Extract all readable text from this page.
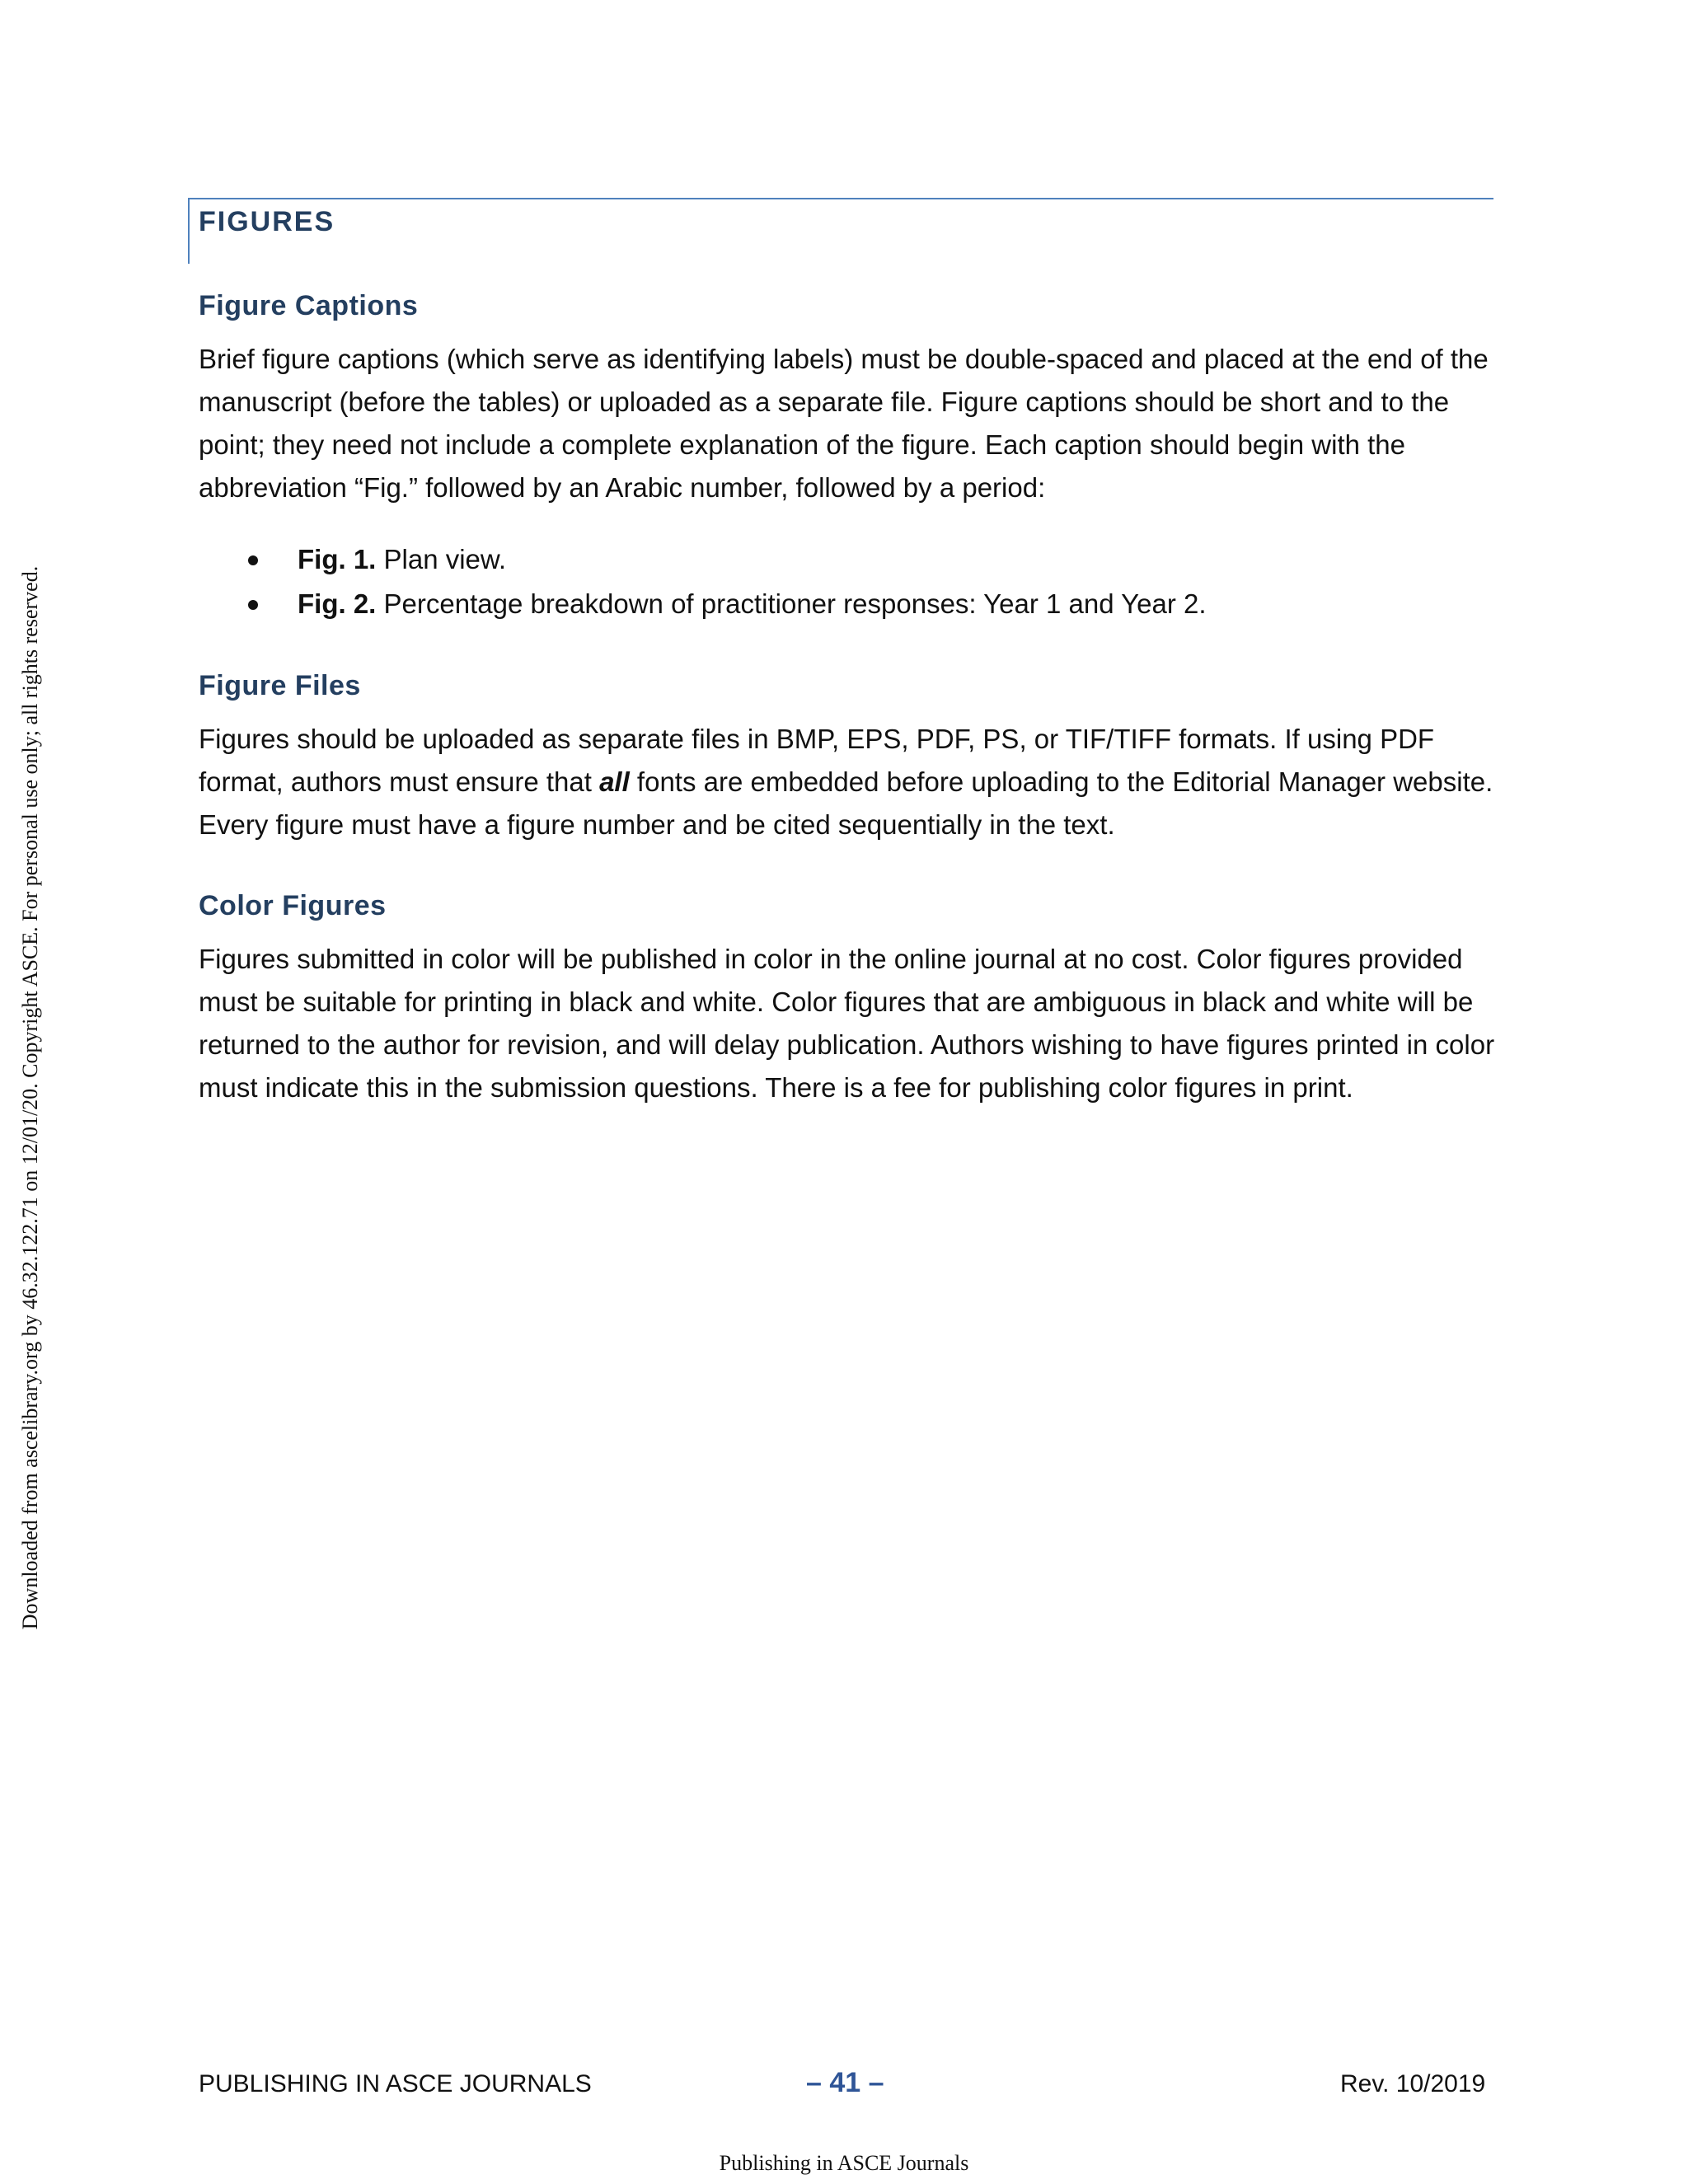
FIGURES
Figure Captions
Brief figure captions (which serve as identifying labels) must be double-spaced and placed at the end of the manuscript (before the tables) or uploaded as a separate file. Figure captions should be short and to the point; they need not include a complete explanation of the figure. Each caption should begin with the abbreviation “Fig.” followed by an Arabic number, followed by a period:
Fig. 1. Plan view.
Fig. 2. Percentage breakdown of practitioner responses: Year 1 and Year 2.
Figure Files
Figures should be uploaded as separate files in BMP, EPS, PDF, PS, or TIF/TIFF formats. If using PDF format, authors must ensure that all fonts are embedded before uploading to the Editorial Manager website. Every figure must have a figure number and be cited sequentially in the text.
Color Figures
Figures submitted in color will be published in color in the online journal at no cost. Color figures provided must be suitable for printing in black and white. Color figures that are ambiguous in black and white will be returned to the author for revision, and will delay publication. Authors wishing to have figures printed in color must indicate this in the submission questions. There is a fee for publishing color figures in print.
PUBLISHING IN ASCE JOURNALS	– 41 –	Rev. 10/2019
Publishing in ASCE Journals
Downloaded from ascelibrary.org by 46.32.122.71 on 12/01/20. Copyright ASCE. For personal use only; all rights reserved.
